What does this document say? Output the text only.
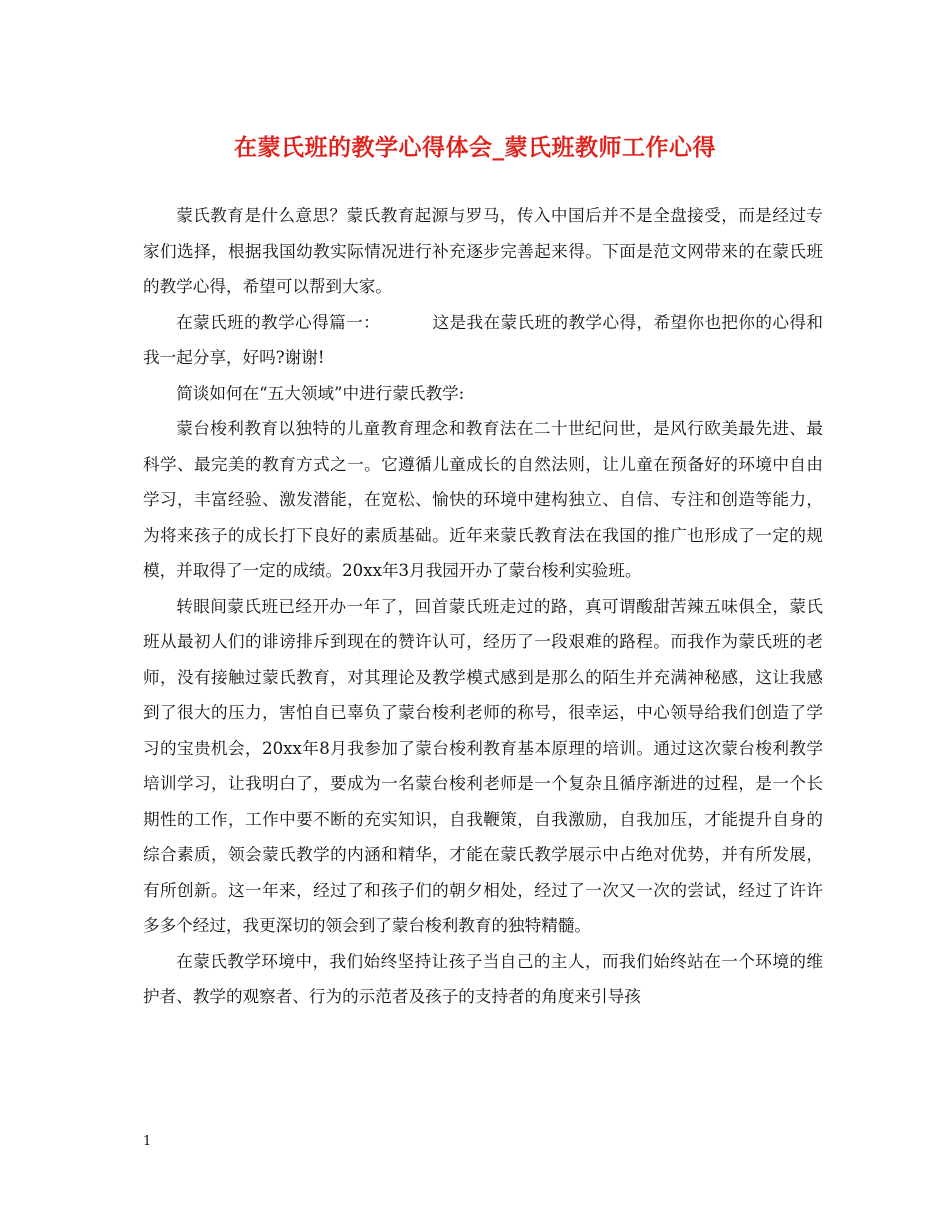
在蒙氏班的教学心得体会_蒙氏班教师工作心得

蒙氏教育是什么意思？蒙氏教育起源与罗马，传入中国后并不是全盘接受，而是经过专家们选择，根据我国幼教实际情况进行补充逐步完善起来得。下面是范文网带来的在蒙氏班的教学心得，希望可以帮到大家。

在蒙氏班的教学心得篇一：	这是我在蒙氏班的教学心得，希望你也把你的心得和我一起分享，好吗?谢谢!

简谈如何在“五大领域”中进行蒙氏教学:

蒙台梭利教育以独特的儿童教育理念和教育法在二十世纪问世，是风行欧美最先进、最科学、最完美的教育方式之一。它遵循儿童成长的自然法则，让儿童在预备好的环境中自由学习，丰富经验、激发潜能，在宽松、愉快的环境中建构独立、自信、专注和创造等能力，为将来孩子的成长打下良好的素质基础。近年来蒙氏教育法在我国的推广也形成了一定的规模，并取得了一定的成绩。20xx年3月我园开办了蒙台梭利实验班。

转眼间蒙氏班已经开办一年了，回首蒙氏班走过的路，真可谓酸甜苦辣五味俱全，蒙氏班从最初人们的诽谤排斥到现在的赞许认可，经历了一段艰难的路程。而我作为蒙氏班的老师，没有接触过蒙氏教育，对其理论及教学模式感到是那么的陌生并充满神秘感，这让我感到了很大的压力，害怕自已辜负了蒙台梭利老师的称号，很幸运，中心领导给我们创造了学习的宝贵机会，20xx年8月我参加了蒙台梭利教育基本原理的培训。通过这次蒙台梭利教学培训学习，让我明白了，要成为一名蒙台梭利老师是一个复杂且循序渐进的过程，是一个长期性的工作，工作中要不断的充实知识，自我鞭策，自我激励，自我加压，才能提升自身的综合素质，领会蒙氏教学的内涵和精华，才能在蒙氏教学展示中占绝对优势，并有所发展，有所创新。这一年来，经过了和孩子们的朝夕相处，经过了一次又一次的尝试，经过了许许多多个经过，我更深切的领会到了蒙台梭利教育的独特精髓。

在蒙氏教学环境中，我们始终坚持让孩子当自己的主人，而我们始终站在一个环境的维护者、教学的观察者、行为的示范者及孩子的支持者的角度来引导孩

1
